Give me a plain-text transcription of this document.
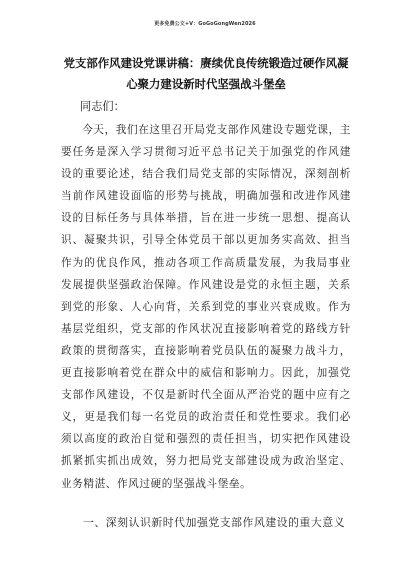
更多免费公文+V：GoGoGongWen2026
党支部作风建设党课讲稿：赓续优良传统锻造过硬作风凝心聚力建设新时代坚强战斗堡垒

同志们：

今天，我们在这里召开局党支部作风建设专题党课，主要任务是深入学习贯彻习近平总书记关于加强党的作风建设的重要论述，结合我们局党支部的实际情况，深刻剖析当前作风建设面临的形势与挑战，明确加强和改进作风建设的目标任务与具体举措，旨在进一步统一思想、提高认识、凝聚共识，引导全体党员干部以更加务实高效、担当作为的优良作风，推动各项工作高质量发展，为我局事业发展提供坚强政治保障。作风建设是党的永恒主题，关系到党的形象、人心向背，关系到党的事业兴衰成败。作为基层党组织，党支部的作风状况直接影响着党的路线方针政策的贯彻落实，直接影响着党员队伍的凝聚力战斗力，更直接影响着党在群众中的威信和影响力。因此，加强党支部作风建设，不仅是新时代全面从严治党的题中应有之义，更是我们每一名党员的政治责任和党性要求。我们必须以高度的政治自觉和强烈的责任担当，切实把作风建设抓紧抓实抓出成效，努力把局党支部建设成为政治坚定、业务精湛、作风过硬的坚强战斗堡垒。

一、深刻认识新时代加强党支部作风建设的重大意义
